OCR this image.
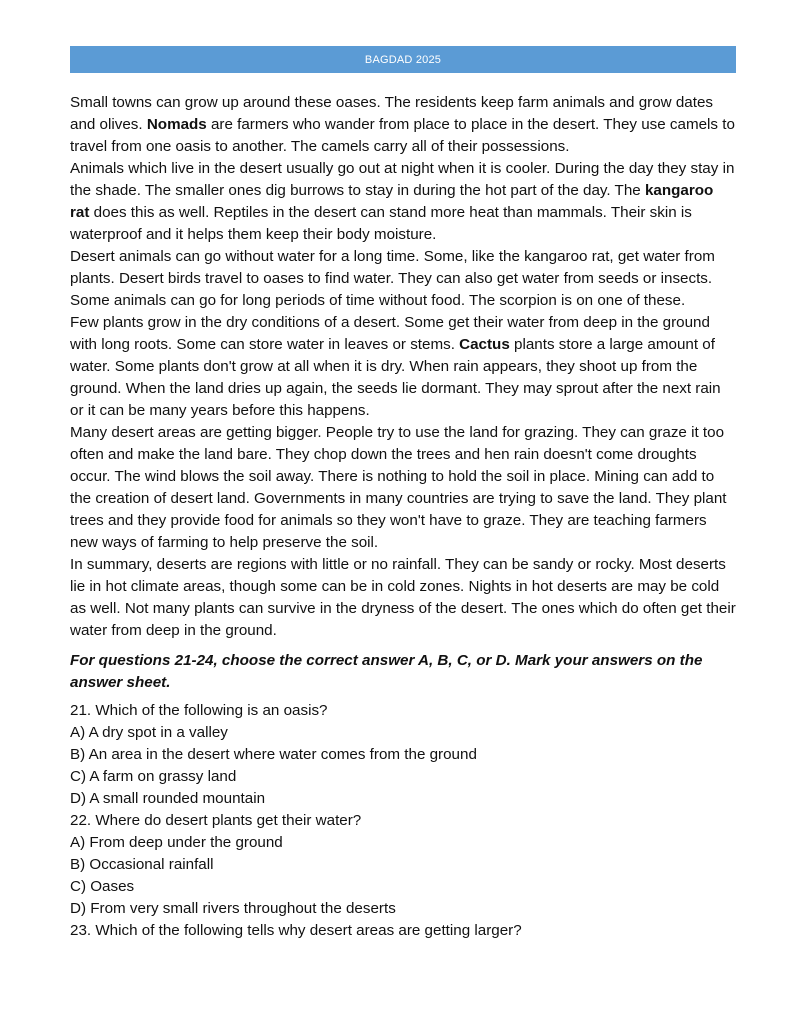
BAGDAD 2025

Small towns can grow up around these oases. The residents keep farm animals and grow dates and olives. Nomads are farmers who wander from place to place in the desert. They use camels to travel from one oasis to another. The camels carry all of their possessions.

Animals which live in the desert usually go out at night when it is cooler. During the day they stay in the shade. The smaller ones dig burrows to stay in during the hot part of the day. The kangaroo rat does this as well. Reptiles in the desert can stand more heat than mammals. Their skin is waterproof and it helps them keep their body moisture.

Desert animals can go without water for a long time. Some, like the kangaroo rat, get water from plants. Desert birds travel to oases to find water. They can also get water from seeds or insects. Some animals can go for long periods of time without food. The scorpion is on one of these.

Few plants grow in the dry conditions of a desert. Some get their water from deep in the ground with long roots. Some can store water in leaves or stems. Cactus plants store a large amount of water. Some plants don't grow at all when it is dry. When rain appears, they shoot up from the ground. When the land dries up again, the seeds lie dormant. They may sprout after the next rain or it can be many years before this happens.

Many desert areas are getting bigger. People try to use the land for grazing. They can graze it too often and make the land bare. They chop down the trees and hen rain doesn't come droughts occur. The wind blows the soil away. There is nothing to hold the soil in place. Mining can add to the creation of desert land. Governments in many countries are trying to save the land. They plant trees and they provide food for animals so they won't have to graze. They are teaching farmers new ways of farming to help preserve the soil.

In summary, deserts are regions with little or no rainfall. They can be sandy or rocky. Most deserts lie in hot climate areas, though some can be in cold zones. Nights in hot deserts are may be cold as well. Not many plants can survive in the dryness of the desert. The ones which do often get their water from deep in the ground.

For questions 21-24, choose the correct answer A, B, C, or D. Mark your answers on the answer sheet.

21. Which of the following is an oasis?

A) A dry spot in a valley

B) An area in the desert where water comes from the ground

C) A farm on grassy land

D) A small rounded mountain

22. Where do desert plants get their water?

A) From deep under the ground

B) Occasional rainfall

C) Oases

D) From very small rivers throughout the deserts

23. Which of the following tells why desert areas are getting larger?
